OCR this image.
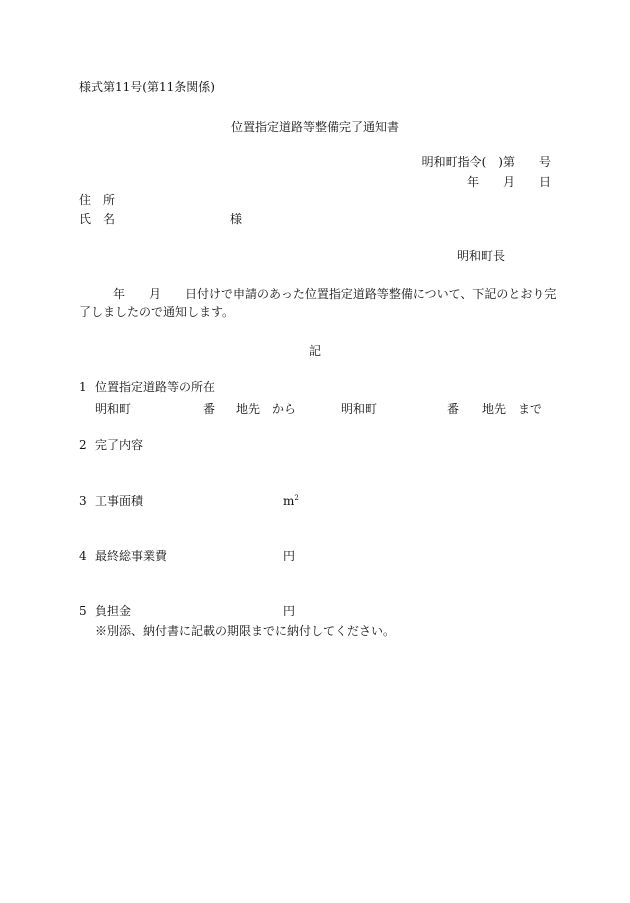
様式第11号(第11条関係)
位置指定道路等整備完了通知書
明和町指令(　)第　　号
年　　月　　日
住　所
氏　名	様
明和町長
年　　月　　日付けで申請のあった位置指定道路等整備について、下記のとおり完
了しましたので通知します。
記
1 位置指定道路等の所在
明和町	番 地先　から	明和町	番 地先　まで
2 完了内容
3 工事面積	$m^2$
4 最終総事業費	円
5 負担金	円
※別添、納付書に記載の期限までに納付してください。
